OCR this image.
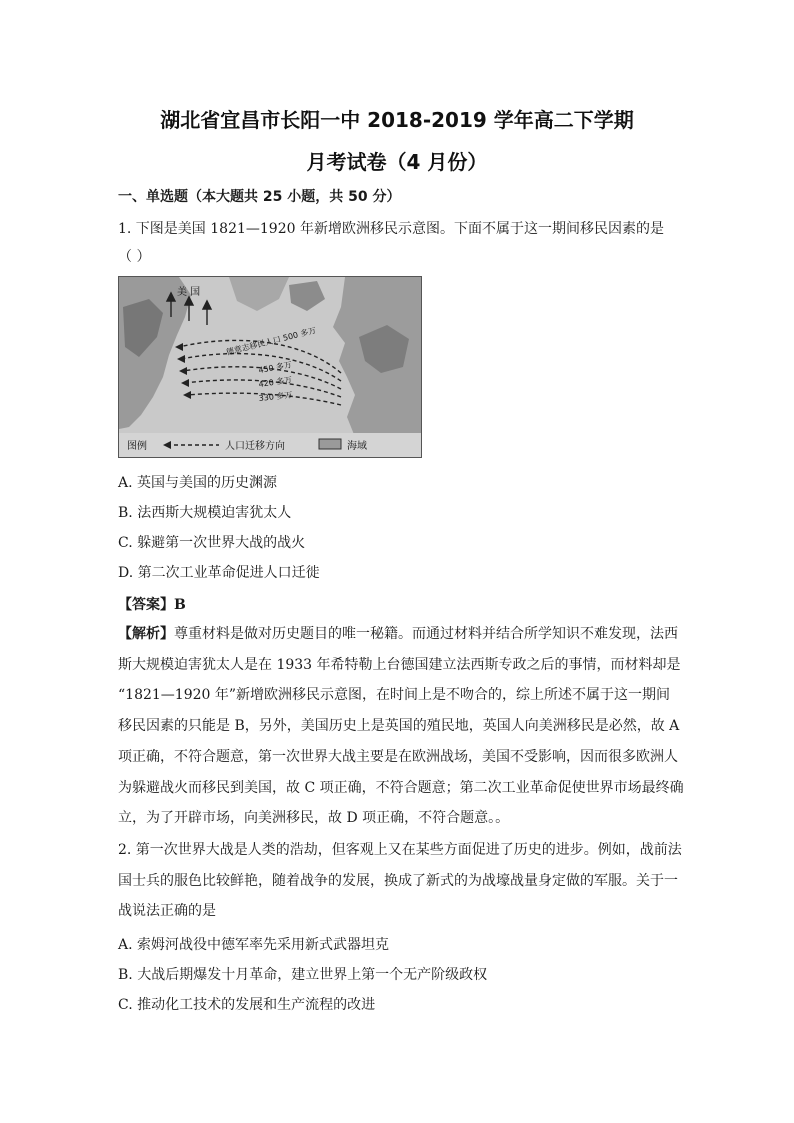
湖北省宜昌市长阳一中 2018-2019 学年高二下学期
月考试卷（4 月份）
一、单选题（本大题共 25 小题，共 50 分）
1. 下图是美国 1821—1920 年新增欧洲移民示意图。下面不属于这一期间移民因素的是
（ ）
美 国
德意志移民人口 500 多万
450 多万
420 多万
330 多万
图例	人口迁移方向	海域
A. 英国与美国的历史渊源
B. 法西斯大规模迫害犹太人
C. 躲避第一次世界大战的战火
D. 第二次工业革命促进人口迁徙
【答案】B
【解析】尊重材料是做对历史题目的唯一秘籍。而通过材料并结合所学知识不难发现，法西
斯大规模迫害犹太人是在 1933 年希特勒上台德国建立法西斯专政之后的事情，而材料却是
“1821—1920 年”新增欧洲移民示意图，在时间上是不吻合的，综上所述不属于这一期间
移民因素的只能是 B，另外，美国历史上是英国的殖民地，英国人向美洲移民是必然，故 A
项正确，不符合题意，第一次世界大战主要是在欧洲战场，美国不受影响，因而很多欧洲人
为躲避战火而移民到美国，故 C 项正确，不符合题意；第二次工业革命促使世界市场最终确
立，为了开辟市场，向美洲移民，故 D 项正确，不符合题意。。
2. 第一次世界大战是人类的浩劫，但客观上又在某些方面促进了历史的进步。例如，战前法
国士兵的服色比较鲜艳，随着战争的发展，换成了新式的为战壕战量身定做的军服。关于一
战说法正确的是
A. 索姆河战役中德军率先采用新式武器坦克
B. 大战后期爆发十月革命，建立世界上第一个无产阶级政权
C. 推动化工技术的发展和生产流程的改进
